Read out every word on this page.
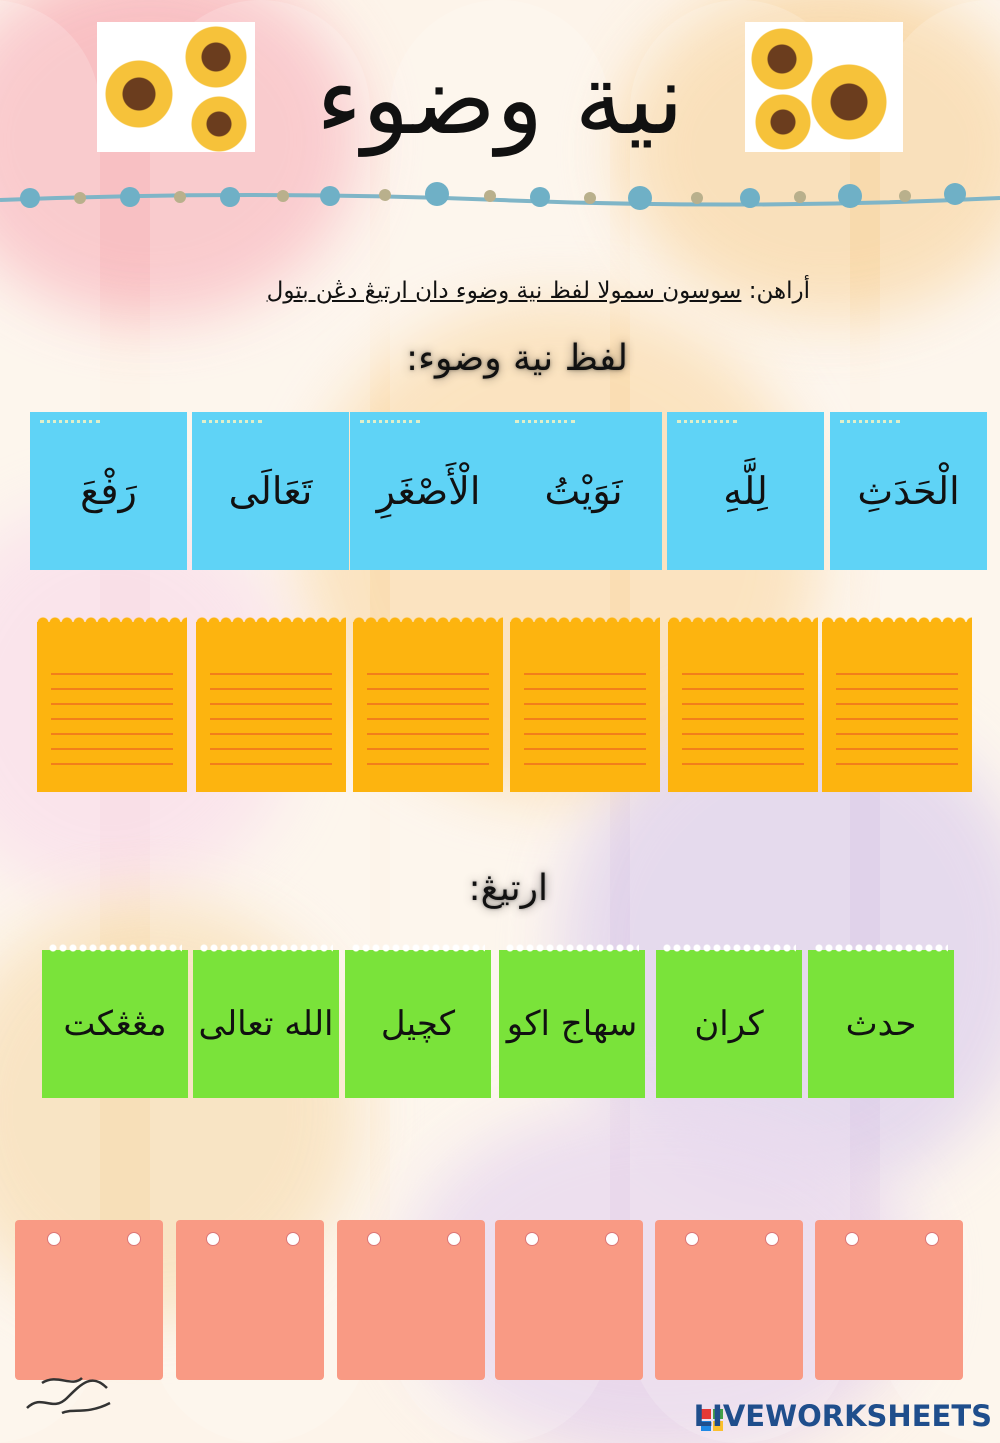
نية وضوء
أراهن: سوسون سمولا لفظ نية وضوء دان ارتيڠ دڠن بتول
لفظ نية وضوء:
الْحَدَثِ
لِلَّهِ
نَوَيْتُ
الْأَصْغَرِ
تَعَالَى
رَفْعَ
ارتيڠ:
حدث
كران
سهاج اكو
كچيل
الله تعالى
مڠڠكت
LIVEWORKSHEETS
